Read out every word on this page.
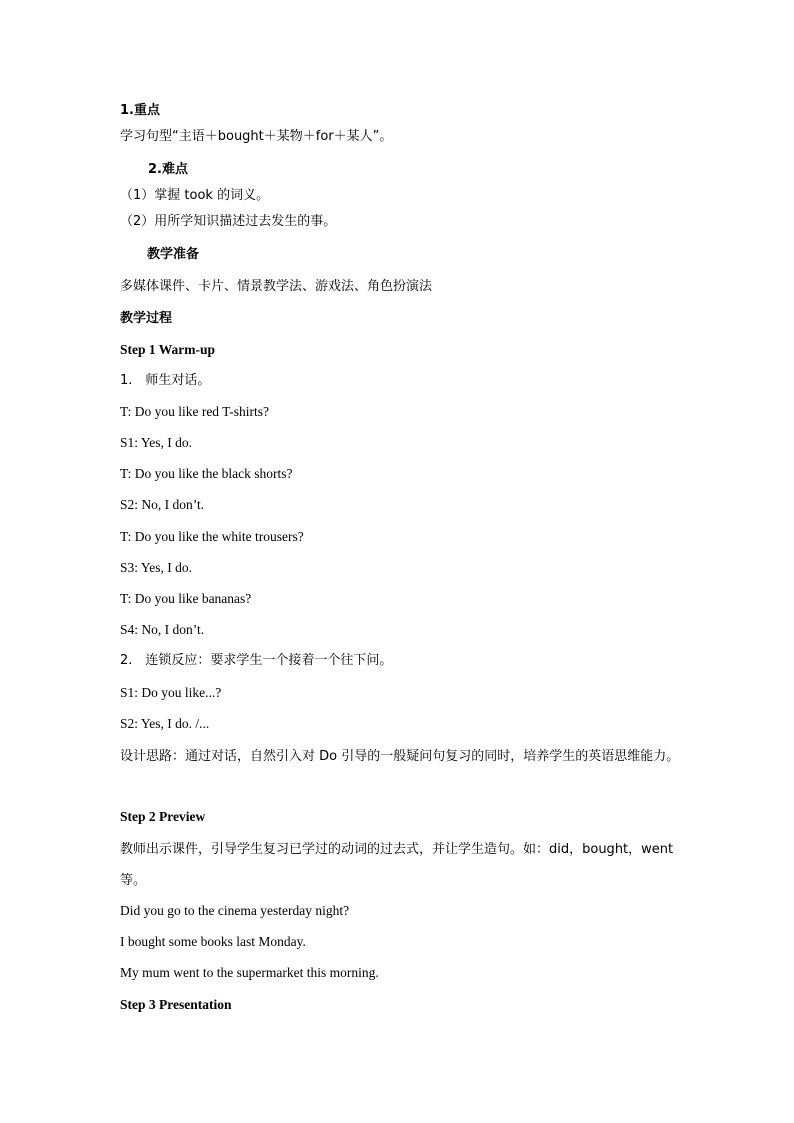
1.重点
学习句型“主语＋bought＋某物＋for＋某人”。
2.难点
（1）掌握 took 的词义。
（2）用所学知识描述过去发生的事。
教学准备
多媒体课件、卡片、情景教学法、游戏法、角色扮演法
教学过程
Step 1 Warm-up
1.　师生对话。
T: Do you like red T-shirts?
S1: Yes, I do.
T: Do you like the black shorts?
S2: No, I don’t.
T: Do you like the white trousers?
S3: Yes, I do.
T: Do you like bananas?
S4: No, I don’t.
2.　连锁反应：要求学生一个接着一个往下问。
S1: Do you like...?
S2: Yes, I do. /...
设计思路：通过对话，自然引入对 Do 引导的一般疑问句复习的同时，培养学生的英语思维能力。
Step 2 Preview
教师出示课件，引导学生复习已学过的动词的过去式，并让学生造句。如：did，bought，went 等。
Did you go to the cinema yesterday night?
I bought some books last Monday.
My mum went to the supermarket this morning.
Step 3 Presentation
